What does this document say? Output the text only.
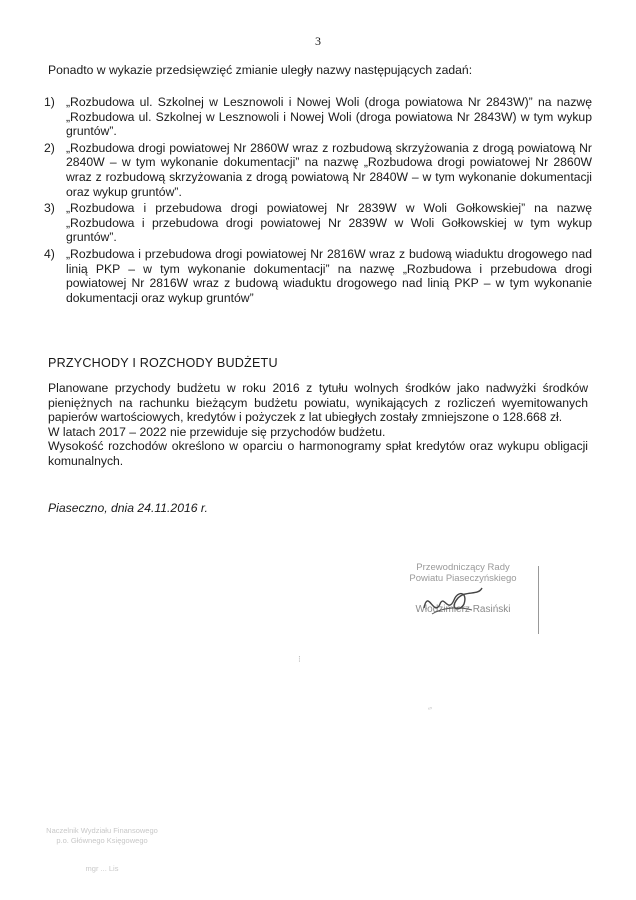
3
Ponadto w wykazie przedsięwzięć zmianie uległy nazwy następujących zadań:
1) „Rozbudowa ul. Szkolnej w Lesznowoli i Nowej Woli (droga powiatowa Nr 2843W)” na nazwę „Rozbudowa ul. Szkolnej w Lesznowoli i Nowej Woli (droga powiatowa Nr 2843W) w tym wykup gruntów”.
2) „Rozbudowa drogi powiatowej Nr 2860W wraz z rozbudową skrzyżowania z drogą powiatową Nr 2840W – w tym wykonanie dokumentacji” na nazwę „Rozbudowa drogi powiatowej Nr 2860W wraz z rozbudową skrzyżowania z drogą powiatową Nr 2840W – w tym wykonanie dokumentacji oraz wykup gruntów”.
3) „Rozbudowa i przebudowa drogi powiatowej Nr 2839W w Woli Gołkowskiej” na nazwę „Rozbudowa i przebudowa drogi powiatowej Nr 2839W w Woli Gołkowskiej w tym wykup gruntów”.
4) „Rozbudowa i przebudowa drogi powiatowej Nr 2816W wraz z budową wiaduktu drogowego nad linią PKP – w tym wykonanie dokumentacji” na nazwę „Rozbudowa i przebudowa drogi powiatowej Nr 2816W wraz z budową wiaduktu drogowego nad linią PKP – w tym wykonanie dokumentacji oraz wykup gruntów”
PRZYCHODY I ROZCHODY BUDŻETU

Planowane przychody budżetu w roku 2016 z tytułu wolnych środków jako nadwyżki środków pieniężnych na rachunku bieżącym budżetu powiatu, wynikających z rozliczeń wyemitowanych papierów wartościowych, kredytów i pożyczek z lat ubiegłych zostały zmniejszone o 128.668 zł.

W latach 2017 – 2022 nie przewiduje się przychodów budżetu.

Wysokość rozchodów określono w oparciu o harmonogramy spłat kredytów oraz wykupu obligacji komunalnych.

Piaseczno, dnia 24.11.2016 r.
Przewodniczący Rady
Powiatu Piaseczyńskiego
Włodzimierz Rasiński
⁝
ʻʼ
Naczelnik Wydziału Finansowego
p.o. Głównego Księgowego
mgr ... Lis
